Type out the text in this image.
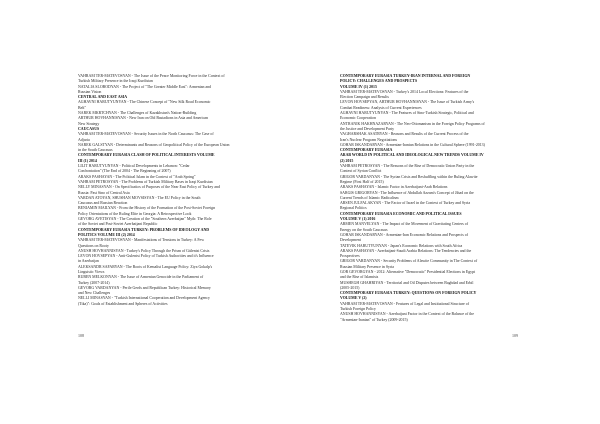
VAHRAM TER-MATEVOSYAN - The Issue of the Peace Monitoring Force in the Context of

Turkish Military Presence in the Iraqi Kurdistan

NATALIA SLOBODYAN - The Project of "The Greater Middle East": Armenian and

Russian Vision

CENTRAL AND EAST ASIA

AGHAVNI HARUTYUNYAN - The Chinese Concept of "New Silk Road Economic

Belt"

NAREK MKRTCHYAN - The Challenges of Kazakhstan's Nation-Building

ARTHUR HOVHANNISYAN - New Iran on Old Bastadions in Asia and American

New Strategy

CAUCASUS

VAHRAM TER-MATEVOSYAN - Security Issues in the North Caucasus: The Case of

Adjaria

NAREK GALSTYAN - Determinants and Reasons of Geopolitical Policy of the European Union

in the South Caucasus

CONTEMPORARY EURASIA CLASH OF POLITICAL INTERESTS VOLUME

III (1) 2014

LILIT HARUTYUNYAN - Political Developments in Lebanon: "Cedar

Confrontation" (The End of 2004 - The Beginning of 2007)

ARAKS PASHAYAN - The Political Islam in the Context of "Arab Spring"

VAHRAM PETROSYAN - The Problems of Turkish Military Bases in Iraqi Kurdistan

NELLY MINASYAN - On Specificatios of Purposes of the Near East Policy of Turkey and

Russia: Past Sino of Central Asia

VARDAN ATOYAN, SHUSHAN MOVSISYAN - The EU Policy in the South

Caucasus and Russian Reaction

BENIAMIN MAILYAN - From the History of the Formation of the Post-Soviet Foreign

Policy Orientations of the Ruling Elite in Georgia: A Retrospective Look

GEVORG AVETISYAN - The Creation of the "Southern Azerbaijan" Myth: The Role

of the Soviet and Post-Soviet Azerbaijani Republic

CONTEMPORARY EURASIA TURKEY: PROBLEMS OF IDEOLOGY AND

POLITICS VOLUME III (2) 2014

VAHRAM TER-MATEVOSYAN - Manifestations of Tensions in Turkey: A Few

Questions on Rooty

ANUSH HOVHANNISYAN - Turkey's Policy Through the Prism of Gülenist Crisis

LEVON HOVSEPYAN - Anti-Gulenist Policy of Turkish Authorities and it's Influence

in Azerbaijan

ALEKSANDR SAFARYAN - The Roots of Kemalist Language Policy: Ziya Gokalp's

Linguistic Views

RUBEN MELKONYAN - The Issue of Armenian Genocide in the Parliament of

Turkey (2007-2014)

GEVORG VARDANYAN - Perile Gerds and Republican Turkey: Historical Memory

and New Challenges

NELLI MINASYAN - "Turkish International Cooperation and Development Agency

(Tika)": Goals of Establishment and Spheres of Activities

CONTEMPORARY EURASIA TURKEY-IRAN INTERNAL AND FOREIGN

POLICY: CHALLENGES AND PROSPECTS

VOLUME IV (1) 2015

VAHRAM TER-MATEVOSYAN - Turkey's 2014 Local Elections: Features of the

Election Campaign and Results

LEVON HOVSEPYAN, ARTHUR HOVHANNISYAN - The Issue of Turkish Army's

Combat Readiness: Analysis of Current Experiences

AGHAVNI HARUTYUNYAN - The Features of Sino-Turkish Strategic, Political and

Economic Cooperation

ANTRANIK HAKHNAZARYAN - The Neo-Ottomanism in the Foreign Policy Programs of

the Justice and Development Party

VAGHARSHAK ASATRYAN - Reasons and Results of the Current Process of the

Iran's Nuclear Program Negotiations

GOHAR ISKANDARYAN - Armenian-Iranian Relations in the Cultural Sphere (1991-2013)

CONTEMPORARY EURASIA

ARAB WORLD IN POLITICAL AND IDEOLOGICAL NEW TRENDS VOLUME IV

(2) 2015

VAHRAM PETROSYAN - The Reasons of the Rise of Democratic Union Party in the

Context of Syrian Conflict

GRIGOR VARDANYAN - The Syrian Crisis and Reshuffling within the Ruling Alawite

Regime (First Half of 2015)

ARAKS PASHAYAN - Islamic Factor in Azerbaijani-Arab Relations

SARGIS GRIGORYAN - The Influence of Abdullah Azzam's Concept of Jihad on the

Current Trends of Islamic Radicalism

ARSEN JULFALAKYAN - The Factor of Israel in the Context of Turkey and Syria

Regional Politics

CONTEMPORARY EURASIA ECONOMIC AND POLITICAL ISSUES

VOLUME V (1) 2016

ARMEN MANVELYAN - The Impact of the Movement of Gravitating Centers of

Energy on the South Caucasus

GOHAR ISKANDARYAN - Armenian-Iran Economic Relations and Prospects of

Development

TATEVIK HARUTYUNYAN - Japan's Economic Relations with South Africa

ARAKS PASHAYAN - Azerbaijani-Saudi Arabia Relations: The Tendencies and the

Prospectives

GRIGOR VARDANYAN - Security Problems of Alawite Community in The Context of

Russian Military Presence in Syria

GOR GEVORGYAN - 2012: Alternative "Democratic" Presidential Elections in Egypt

and the Rise of Islamists

MUSHEGH GHAHRIYAN - Territorial and Oil Disputes between Baghdad and Erbil

(2005-2015)

CONTEMPORARY EURASIA TURKEY: QUESTIONS ON FOREIGN POLICY

VOLUME V (2)

VAHRAM TER-MATEVOSYAN - Features of Legal and Institutional Structure of

Turkish Foreign Policy

ANUSH HOVHANNISYAN - Azerbaijani Factor in the Context of the Balance of the

"Armenian-Iranian" of Turkey (2009-2015)

108	109
